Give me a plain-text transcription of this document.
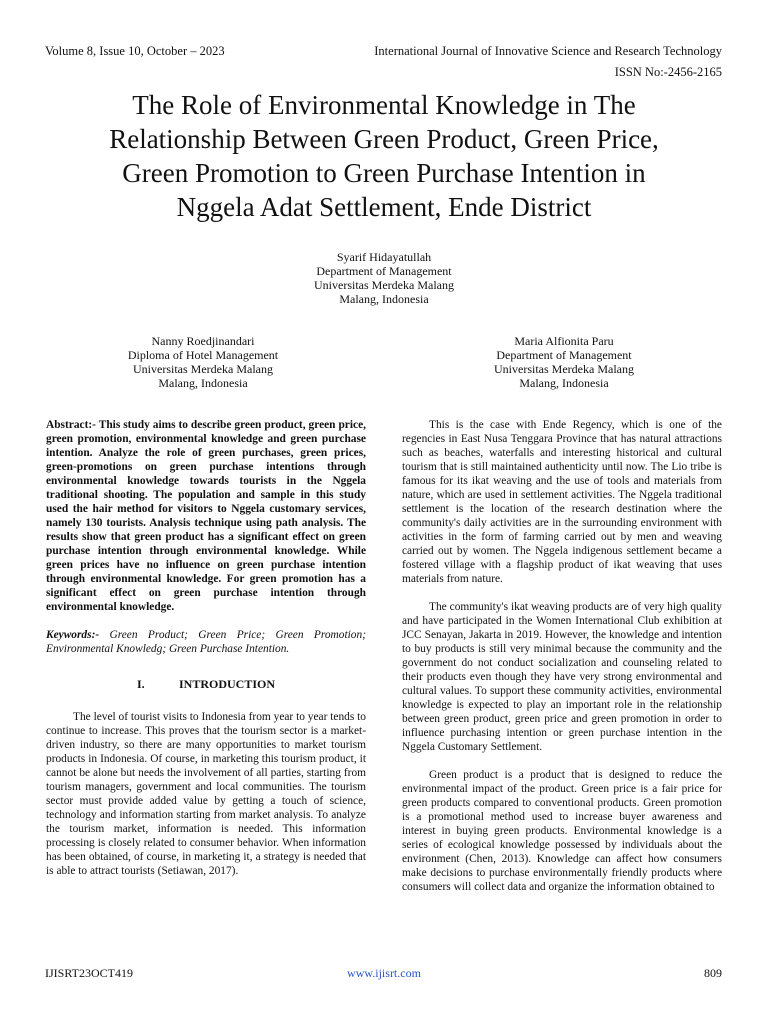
Volume 8, Issue 10, October – 2023	International Journal of Innovative Science and Research Technology
ISSN No:-2456-2165
The Role of Environmental Knowledge in The
Relationship Between Green Product, Green Price,
Green Promotion to Green Purchase Intention in
Nggela Adat Settlement, Ende District
Syarif Hidayatullah
Department of Management
Universitas Merdeka Malang
Malang, Indonesia
Nanny Roedjinandari
Diploma of Hotel Management
Universitas Merdeka Malang
Malang, Indonesia
Maria Alfionita Paru
Department of Management
Universitas Merdeka Malang
Malang, Indonesia

Abstract:- This study aims to describe green product, green price, green promotion, environmental knowledge and green purchase intention. Analyze the role of green purchases, green prices, green-promotions on green purchase intentions through environmental knowledge towards tourists in the Nggela traditional shooting. The population and sample in this study used the hair method for visitors to Nggela customary services, namely 130 tourists. Analysis technique using path analysis. The results show that green product has a significant effect on green purchase intention through environmental knowledge. While green prices have no influence on green purchase intention through environmental knowledge. For green promotion has a significant effect on green purchase intention through environmental knowledge.

Keywords:- Green Product; Green Price; Green Promotion; Environmental Knowledg; Green Purchase Intention.

I.	INTRODUCTION

The level of tourist visits to Indonesia from year to year tends to continue to increase. This proves that the tourism sector is a market-driven industry, so there are many opportunities to market tourism products in Indonesia. Of course, in marketing this tourism product, it cannot be alone but needs the involvement of all parties, starting from tourism managers, government and local communities. The tourism sector must provide added value by getting a touch of science, technology and information starting from market analysis. To analyze the tourism market, information is needed. This information processing is closely related to consumer behavior. When information has been obtained, of course, in marketing it, a strategy is needed that is able to attract tourists (Setiawan, 2017).

This is the case with Ende Regency, which is one of the regencies in East Nusa Tenggara Province that has natural attractions such as beaches, waterfalls and interesting historical and cultural tourism that is still maintained authenticity until now. The Lio tribe is famous for its ikat weaving and the use of tools and materials from nature, which are used in settlement activities. The Nggela traditional settlement is the location of the research destination where the community's daily activities are in the surrounding environment with activities in the form of farming carried out by men and weaving carried out by women. The Nggela indigenous settlement became a fostered village with a flagship product of ikat weaving that uses materials from nature.

The community's ikat weaving products are of very high quality and have participated in the Women International Club exhibition at JCC Senayan, Jakarta in 2019. However, the knowledge and intention to buy products is still very minimal because the community and the government do not conduct socialization and counseling related to their products even though they have very strong environmental and cultural values. To support these community activities, environmental knowledge is expected to play an important role in the relationship between green product, green price and green promotion in order to influence purchasing intention or green purchase intention in the Nggela Customary Settlement.

Green product is a product that is designed to reduce the environmental impact of the product. Green price is a fair price for green products compared to conventional products. Green promotion is a promotional method used to increase buyer awareness and interest in buying green products. Environmental knowledge is a series of ecological knowledge possessed by individuals about the environment (Chen, 2013). Knowledge can affect how consumers make decisions to purchase environmentally friendly products where consumers will collect data and organize the information obtained to

IJISRT23OCT419	www.ijisrt.com	809
